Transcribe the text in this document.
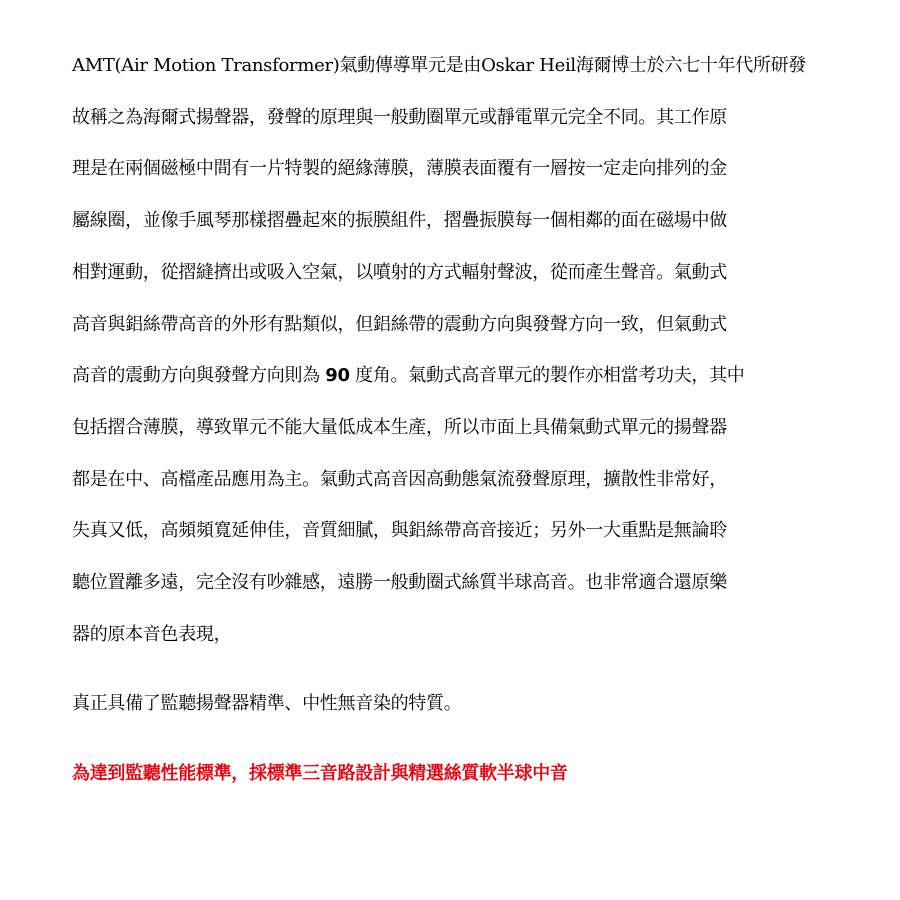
AMT(Air Motion Transformer)氣動傳導單元是由Oskar Heil海爾博士於六七十年代所研發
故稱之為海爾式揚聲器，發聲的原理與一般動圈單元或靜電單元完全不同。其工作原
理是在兩個磁極中間有一片特製的絕緣薄膜，薄膜表面覆有一層按一定走向排列的金
屬線圈，並像手風琴那樣摺疊起來的振膜組件，摺疊振膜每一個相鄰的面在磁場中做
相對運動，從摺縫擠出或吸入空氣，以噴射的方式輻射聲波，從而產生聲音。氣動式
高音與鋁絲帶高音的外形有點類似，但鋁絲帶的震動方向與發聲方向一致，但氣動式
高音的震動方向與發聲方向則為 90 度角。氣動式高音單元的製作亦相當考功夫，其中
包括摺合薄膜，導致單元不能大量低成本生產，所以市面上具備氣動式單元的揚聲器
都是在中、高檔產品應用為主。氣動式高音因高動態氣流發聲原理，擴散性非常好，
失真又低，高頻頻寬延伸佳，音質細膩，與鋁絲帶高音接近；另外一大重點是無論聆
聽位置離多遠，完全沒有吵雜感，遠勝一般動圈式絲質半球高音。也非常適合還原樂
器的原本音色表現，

真正具備了監聽揚聲器精準、中性無音染的特質。

為達到監聽性能標準，採標準三音路設計與精選絲質軟半球中音
